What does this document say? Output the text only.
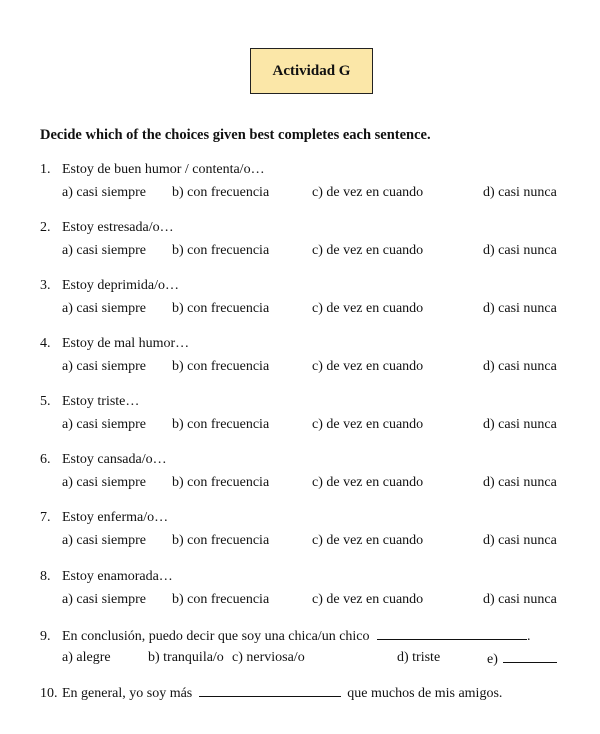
Actividad G
Decide which of the choices given best completes each sentence.
1. Estoy de buen humor / contenta/o…
a) casi siempre b) con frecuencia	c) de vez en cuando	d) casi nunca
2. Estoy estresada/o…
a) casi siempre b) con frecuencia	c) de vez en cuando	d) casi nunca
3. Estoy deprimida/o…
a) casi siempre b) con frecuencia	c) de vez en cuando	d) casi nunca
4. Estoy de mal humor…
a) casi siempre b) con frecuencia	c) de vez en cuando	d) casi nunca
5. Estoy triste…
a) casi siempre b) con frecuencia	c) de vez en cuando	d) casi nunca
6. Estoy cansada/o…
a) casi siempre b) con frecuencia	c) de vez en cuando	d) casi nunca
7. Estoy enferma/o…
a) casi siempre b) con frecuencia	c) de vez en cuando	d) casi nunca
8. Estoy enamorada…
a) casi siempre b) con frecuencia	c) de vez en cuando	d) casi nunca
9. En conclusión, puedo decir que soy una chica/un chico	.
a) alegre	b) tranquila/o c) nerviosa/o	d) triste	e)
10. En general, yo soy más	que muchos de mis amigos.
